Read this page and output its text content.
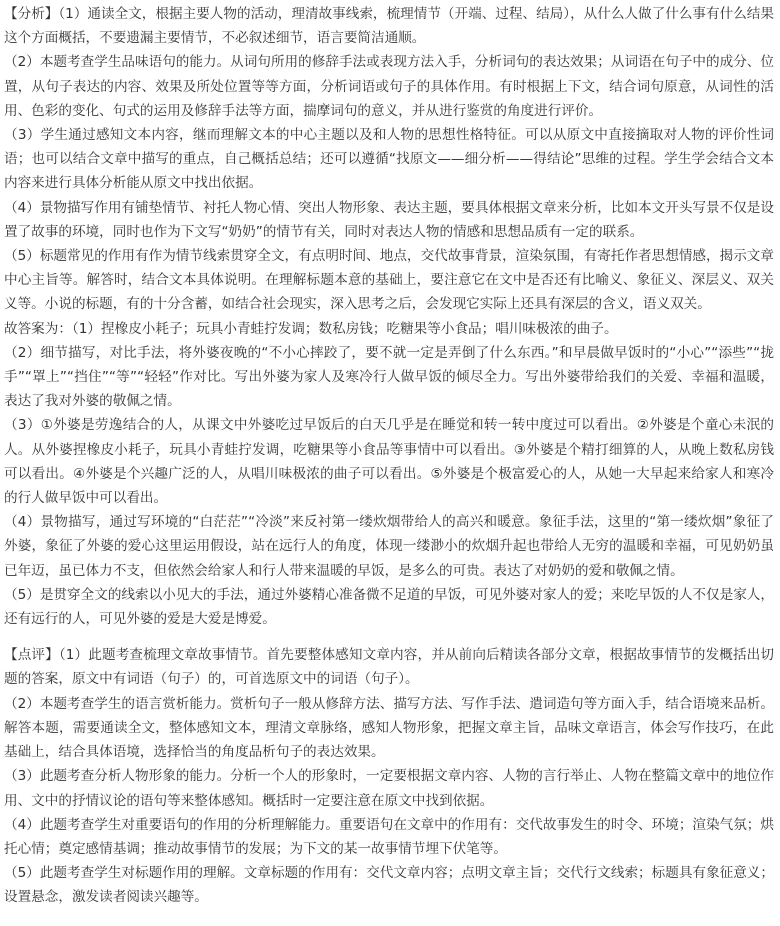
【分析】（1）通读全文，根据主要人物的活动，理清故事线索，梳理情节（开端、过程、结局），从什么人做了什么事有什么结果这个方面概括，不要遗漏主要情节，不必叙述细节，语言要简洁通顺。

（2）本题考查学生品味语句的能力。从词句所用的修辞手法或表现方法入手，分析词句的表达效果；从词语在句子中的成分、位置，从句子表达的内容、效果及所处位置等等方面，分析词语或句子的具体作用。有时根据上下文，结合词句原意，从词性的活用、色彩的变化、句式的运用及修辞手法等方面，揣摩词句的意义，并从进行鉴赏的角度进行评价。

（3）学生通过感知文本内容，继而理解文本的中心主题以及和人物的思想性格特征。可以从原文中直接摘取对人物的评价性词语；也可以结合文章中描写的重点，自己概括总结；还可以遵循“找原文——细分析——得结论”思维的过程。学生学会结合文本内容来进行具体分析能从原文中找出依据。

（4）景物描写作用有铺垫情节、衬托人物心情、突出人物形象、表达主题，要具体根据文章来分析，比如本文开头写景不仅是设置了故事的环境，同时也作为下文写“奶奶”的情节有关，同时对表达人物的情感和思想品质有一定的联系。

（5）标题常见的作用有作为情节线索贯穿全文，有点明时间、地点，交代故事背景，渲染氛围，有寄托作者思想情感，揭示文章中心主旨等。解答时，结合文本具体说明。在理解标题本意的基础上，要注意它在文中是否还有比喻义、象征义、深层义、双关义等。小说的标题，有的十分含蓄，如结合社会现实，深入思考之后，会发现它实际上还具有深层的含义，语义双关。

故答案为：（1）捏橡皮小耗子；玩具小青蛙拧发调；数私房钱；吃糖果等小食品；唱川味极浓的曲子。

（2）细节描写，对比手法，将外婆夜晚的“不小心摔跤了，要不就一定是弄倒了什么东西。”和早晨做早饭时的“小心”“添些”“拢手”“罩上”“挡住”“等”“轻轻”作对比。写出外婆为家人及寒冷行人做早饭的倾尽全力。写出外婆带给我们的关爱、幸福和温暖，表达了我对外婆的敬佩之情。

（3）①外婆是劳逸结合的人，从课文中外婆吃过早饭后的白天几乎是在睡觉和转一转中度过可以看出。②外婆是个童心未泯的人。从外婆捏橡皮小耗子，玩具小青蛙拧发调，吃糖果等小食品等事情中可以看出。③外婆是个精打细算的人，从晚上数私房钱可以看出。④外婆是个兴趣广泛的人，从唱川味极浓的曲子可以看出。⑤外婆是个极富爱心的人，从她一大早起来给家人和寒冷的行人做早饭中可以看出。

（4）景物描写，通过写环境的“白茫茫”“冷淡”来反衬第一缕炊烟带给人的高兴和暖意。象征手法，这里的“第一缕炊烟”象征了外婆，象征了外婆的爱心这里运用假设，站在远行人的角度，体现一缕渺小的炊烟升起也带给人无穷的温暖和幸福，可见奶奶虽已年迈，虽已体力不支，但依然会给家人和行人带来温暖的早饭，是多么的可贵。表达了对奶奶的爱和敬佩之情。

（5）是贯穿全文的线索以小见大的手法，通过外婆精心准备微不足道的早饭，可见外婆对家人的爱；来吃早饭的人不仅是家人，还有远行的人，可见外婆的爱是大爱是博爱。

【点评】（1）此题考查梳理文章故事情节。首先要整体感知文章内容，并从前向后精读各部分文章，根据故事情节的发概括出切题的答案，原文中有词语（句子）的，可首选原文中的词语（句子）。

（2）本题考查学生的语言赏析能力。赏析句子一般从修辞方法、描写方法、写作手法、遣词造句等方面入手，结合语境来品析。解答本题，需要通读全文，整体感知文本，理清文章脉络，感知人物形象，把握文章主旨，品味文章语言，体会写作技巧，在此基础上，结合具体语境，选择恰当的角度品析句子的表达效果。

（3）此题考查分析人物形象的能力。分析一个人的形象时，一定要根据文章内容、人物的言行举止、人物在整篇文章中的地位作用、文中的抒情议论的语句等来整体感知。概括时一定要注意在原文中找到依据。

（4）此题考查学生对重要语句的作用的分析理解能力。重要语句在文章中的作用有：交代故事发生的时令、环境；渲染气氛；烘托心情；奠定感情基调；推动故事情节的发展；为下文的某一故事情节埋下伏笔等。

（5）此题考查学生对标题作用的理解。文章标题的作用有：交代文章内容；点明文章主旨；交代行文线索；标题具有象征意义；设置悬念，激发读者阅读兴趣等。
